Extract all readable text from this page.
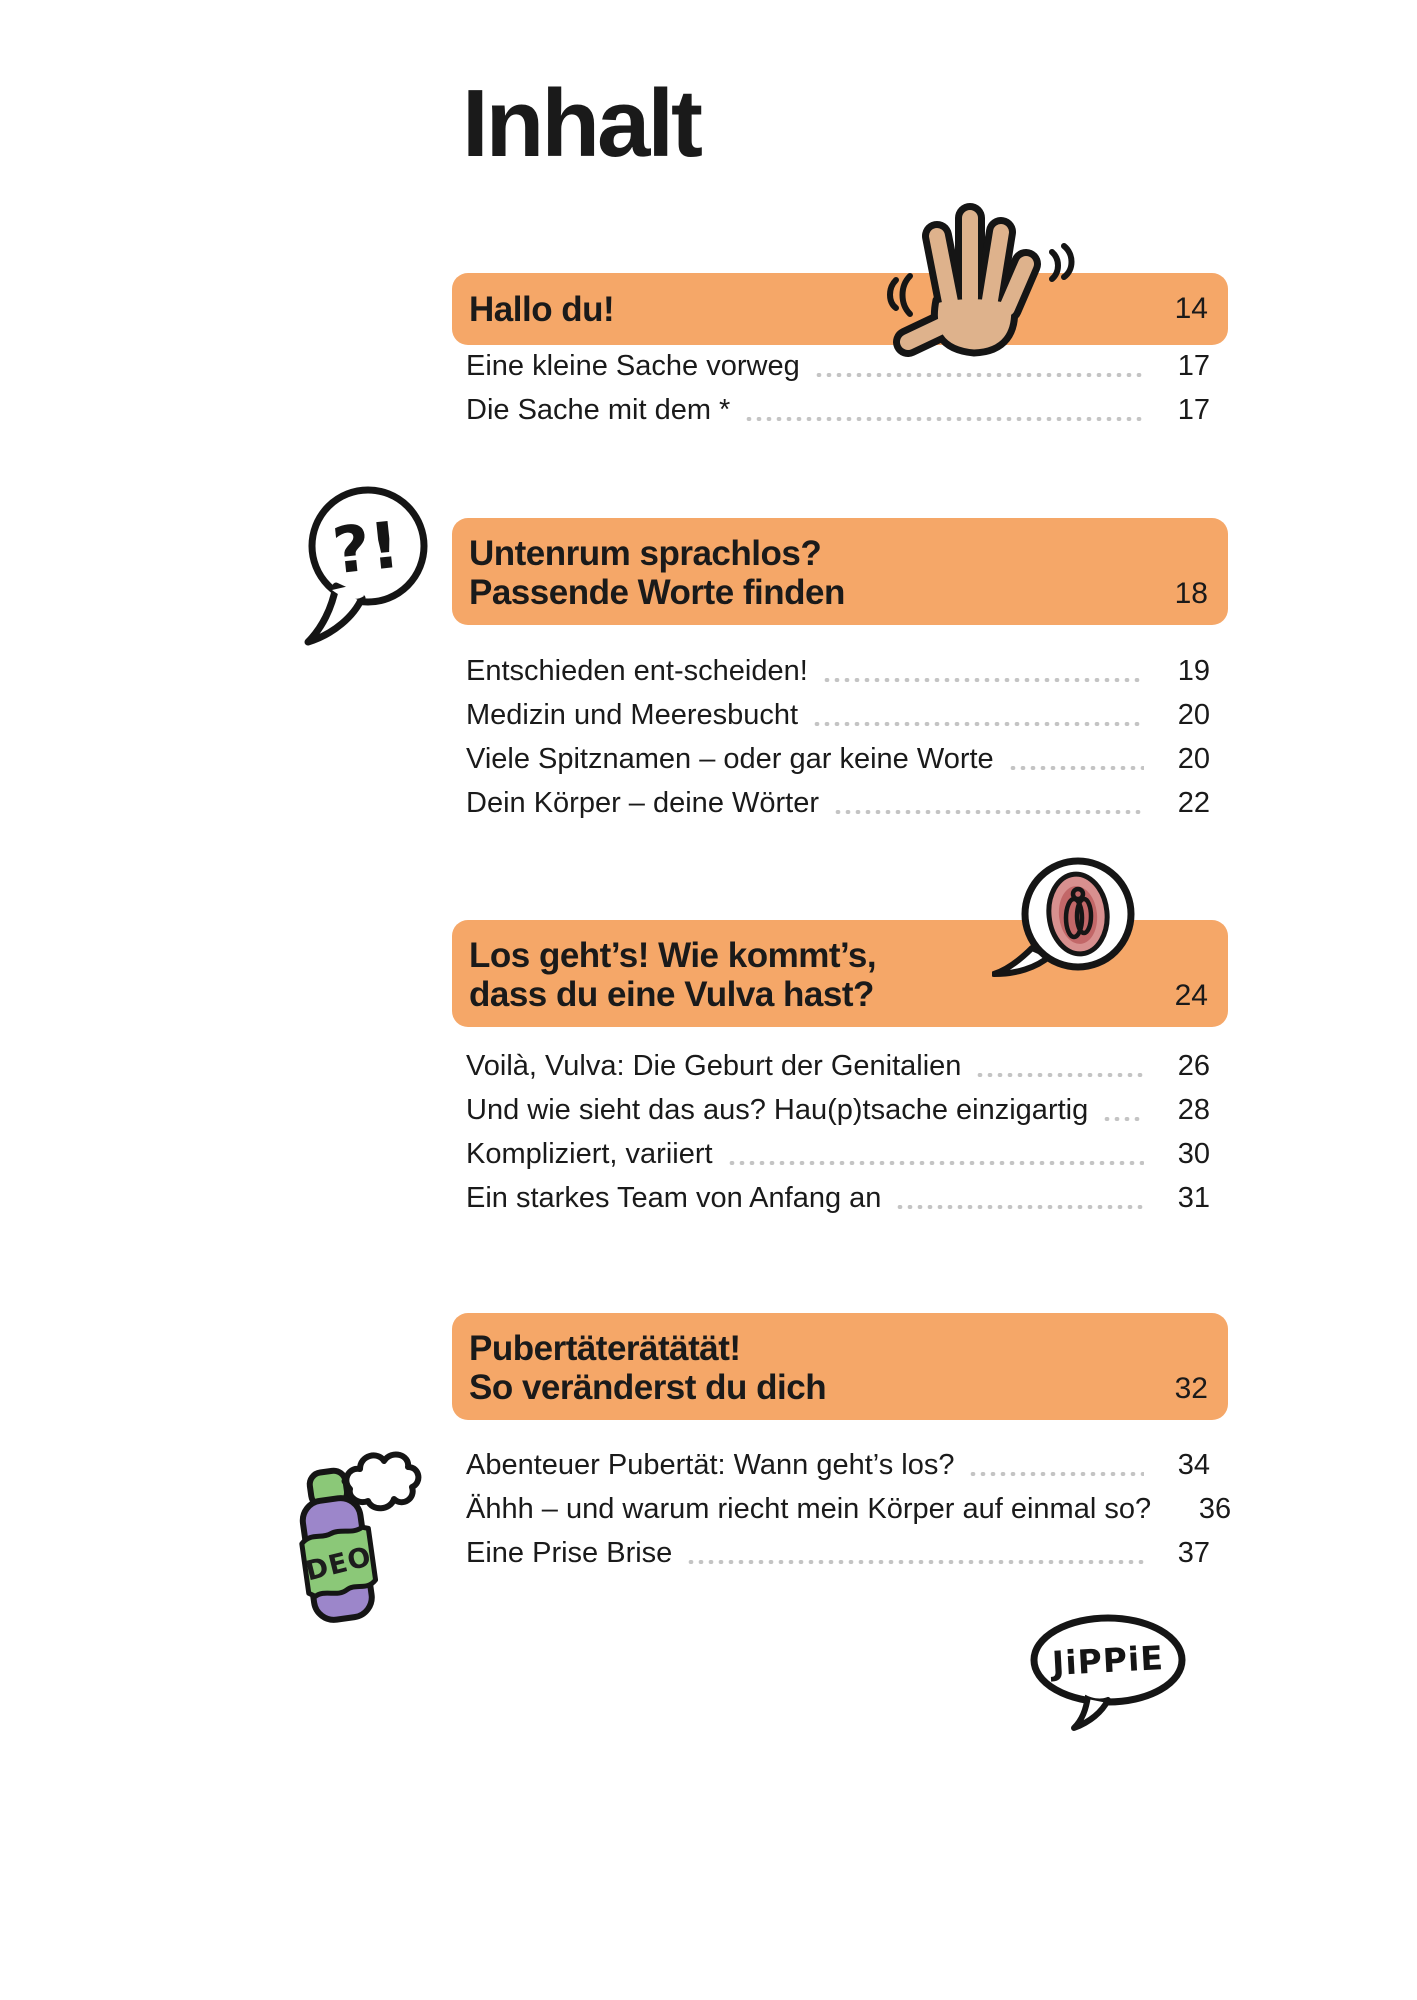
Inhalt
Hallo du!	14
Eine kleine Sache vorweg	17
Die Sache mit dem *	17
Untenrum sprachlos?
Passende Worte finden	18
Entschieden ent-scheiden!	19
Medizin und Meeresbucht	20
Viele Spitznamen – oder gar keine Worte	20
Dein Körper – deine Wörter	22
Los geht’s! Wie kommt’s,
dass du eine Vulva hast?	24
Voilà, Vulva: Die Geburt der Genitalien	26
Und wie sieht das aus? Hau(p)tsache einzigartig	28
Kompliziert, variiert	30
Ein starkes Team von Anfang an	31
Pubertäterätätät!
So veränderst du dich	32
Abenteuer Pubertät: Wann geht’s los?	34
Ähhh – und warum riecht mein Körper auf einmal so?	36
Eine Prise Brise	37
?!
DEO
JiPPiE
